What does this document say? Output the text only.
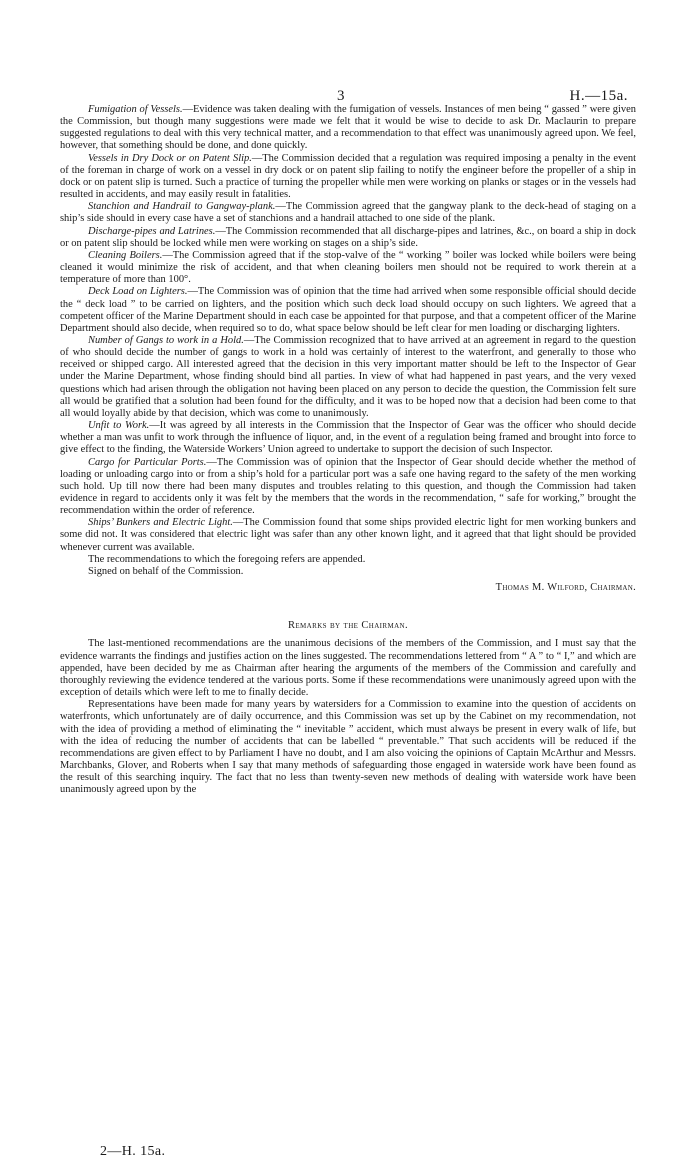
3	H.—15a.

Fumigation of Vessels.—Evidence was taken dealing with the fumigation of vessels. Instances of men being “ gassed ” were given the Commission, but though many suggestions were made we felt that it would be wise to decide to ask Dr. Maclaurin to prepare suggested regulations to deal with this very technical matter, and a recommendation to that effect was unanimously agreed upon. We feel, however, that something should be done, and done quickly.

Vessels in Dry Dock or on Patent Slip.—The Commission decided that a regulation was required imposing a penalty in the event of the foreman in charge of work on a vessel in dry dock or on patent slip failing to notify the engineer before the propeller of a ship in dock or on patent slip is turned. Such a practice of turning the propeller while men were working on planks or stages or in the vessels had resulted in accidents, and may easily result in fatalities.

Stanchion and Handrail to Gangway-plank.—The Commission agreed that the gangway plank to the deck-head of staging on a ship’s side should in every case have a set of stanchions and a handrail attached to one side of the plank.

Discharge-pipes and Latrines.—The Commission recommended that all discharge-pipes and latrines, &c., on board a ship in dock or on patent slip should be locked while men were working on stages on a ship’s side.

Cleaning Boilers.—The Commission agreed that if the stop-valve of the “ working ” boiler was locked while boilers were being cleaned it would minimize the risk of accident, and that when cleaning boilers men should not be required to work therein at a temperature of more than 100°.

Deck Load on Lighters.—The Commission was of opinion that the time had arrived when some responsible official should decide the “ deck load ” to be carried on lighters, and the position which such deck load should occupy on such lighters. We agreed that a competent officer of the Marine Department should in each case be appointed for that purpose, and that a competent officer of the Marine Department should also decide, when required so to do, what space below should be left clear for men loading or discharging lighters.

Number of Gangs to work in a Hold.—The Commission recognized that to have arrived at an agreement in regard to the question of who should decide the number of gangs to work in a hold was certainly of interest to the waterfront, and generally to those who received or shipped cargo. All interested agreed that the decision in this very important matter should be left to the Inspector of Gear under the Marine Department, whose finding should bind all parties. In view of what had happened in past years, and the very vexed questions which had arisen through the obligation not having been placed on any person to decide the question, the Commission felt sure all would be gratified that a solution had been found for the difficulty, and it was to be hoped now that a decision had been come to that all would loyally abide by that decision, which was come to unanimously.

Unfit to Work.—It was agreed by all interests in the Commission that the Inspector of Gear was the officer who should decide whether a man was unfit to work through the influence of liquor, and, in the event of a regulation being framed and brought into force to give effect to the finding, the Waterside Workers’ Union agreed to undertake to support the decision of such Inspector.

Cargo for Particular Ports.—The Commission was of opinion that the Inspector of Gear should decide whether the method of loading or unloading cargo into or from a ship’s hold for a particular port was a safe one having regard to the safety of the men working such hold. Up till now there had been many disputes and troubles relating to this question, and though the Commission had taken evidence in regard to accidents only it was felt by the members that the words in the recommendation, “ safe for working,” brought the recommendation within the order of reference.

Ships’ Bunkers and Electric Light.—The Commission found that some ships provided electric light for men working bunkers and some did not. It was considered that electric light was safer than any other known light, and it agreed that that light should be provided whenever current was available.

The recommendations to which the foregoing refers are appended.

Signed on behalf of the Commission.

Thomas M. Wilford, Chairman.

Remarks by the Chairman.

The last-mentioned recommendations are the unanimous decisions of the members of the Commission, and I must say that the evidence warrants the findings and justifies action on the lines suggested. The recommendations lettered from “ A ” to “ I,” and which are appended, have been decided by me as Chairman after hearing the arguments of the members of the Commission and carefully and thoroughly reviewing the evidence tendered at the various ports. Some if these recommendations were unanimously agreed upon with the exception of details which were left to me to finally decide.

Representations have been made for many years by watersiders for a Commission to examine into the question of accidents on waterfronts, which unfortunately are of daily occurrence, and this Commission was set up by the Cabinet on my recommendation, not with the idea of providing a method of eliminating the “ inevitable ” accident, which must always be present in every walk of life, but with the idea of reducing the number of accidents that can be labelled “ preventable.” That such accidents will be reduced if the recommendations are given effect to by Parliament I have no doubt, and I am also voicing the opinions of Captain McArthur and Messrs. Marchbanks, Glover, and Roberts when I say that many methods of safeguarding those engaged in waterside work have been found as the result of this searching inquiry. The fact that no less than twenty-seven new methods of dealing with waterside work have been unanimously agreed upon by the

2—H. 15a.
